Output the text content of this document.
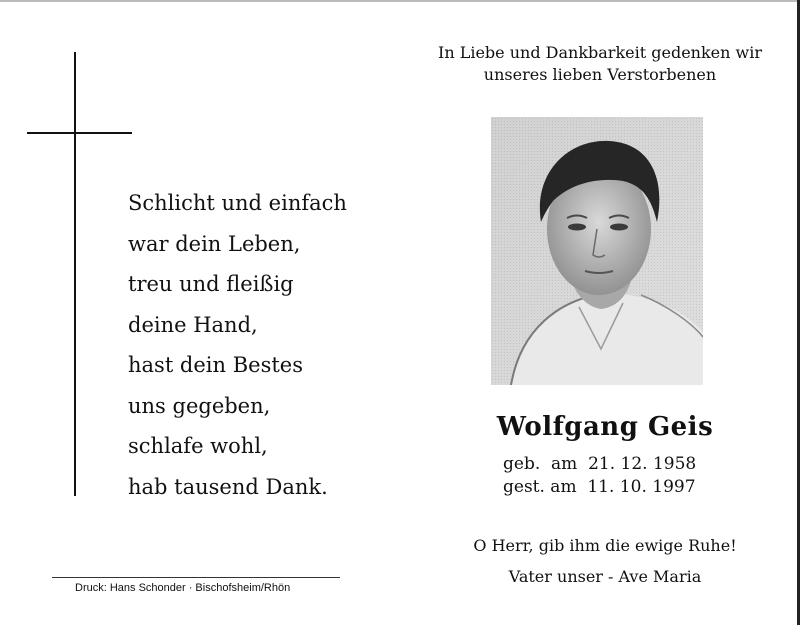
Schlicht und einfach
war dein Leben,
treu und fleißig
deine Hand,
hast dein Bestes
uns gegeben,
schlafe wohl,
hab tausend Dank.
In Liebe und Dankbarkeit gedenken wir
unseres lieben Verstorbenen
Wolfgang Geis
geb.  am  21. 12. 1958
gest. am  11. 10. 1997
O Herr, gib ihm die ewige Ruhe!
Vater unser - Ave Maria
Druck: Hans Schonder · Bischofsheim/Rhön
